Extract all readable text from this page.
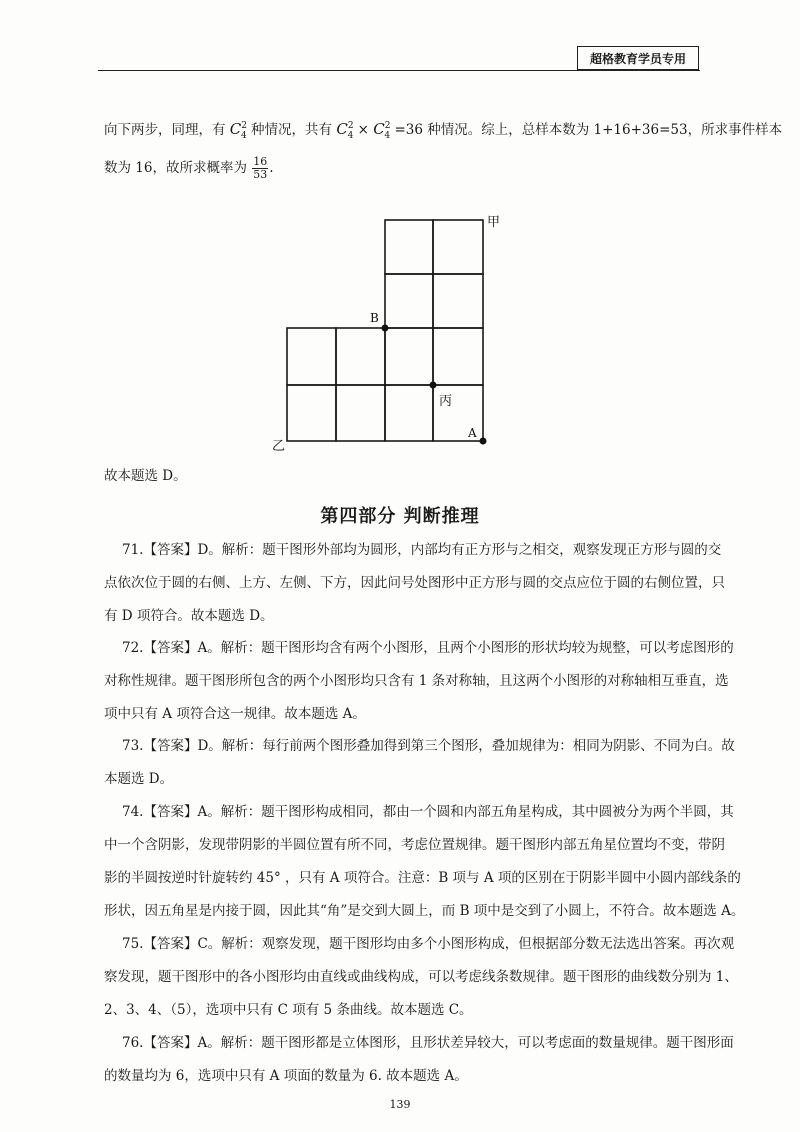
超格教育学员专用
向下两步，同理，有 $C^2_4$ 种情况，共有 $C^2_4 \times C^2_4 =36$ 种情况。综上，总样本数为 1+16+36=53，所求事件样本
数为 16，故所求概率为 $\frac{16}{53}$ .
甲
B
丙
A
乙
故本题选 D。
第四部分 判断推理
71.【答案】D。解析：题干图形外部均为圆形，内部均有正方形与之相交，观察发现正方形与圆的交
点依次位于圆的右侧、上方、左侧、下方，因此问号处图形中正方形与圆的交点应位于圆的右侧位置，只
有 D 项符合。故本题选 D。
72.【答案】A。解析：题干图形均含有两个小图形，且两个小图形的形状均较为规整，可以考虑图形的
对称性规律。题干图形所包含的两个小图形均只含有 1 条对称轴，且这两个小图形的对称轴相互垂直，选
项中只有 A 项符合这一规律。故本题选 A。
73.【答案】D。解析：每行前两个图形叠加得到第三个图形，叠加规律为：相同为阴影、不同为白。故
本题选 D。
74.【答案】A。解析：题干图形构成相同，都由一个圆和内部五角星构成，其中圆被分为两个半圆，其
中一个含阴影，发现带阴影的半圆位置有所不同，考虑位置规律。题干图形内部五角星位置均不变，带阴
影的半圆按逆时针旋转约 45° ，只有 A 项符合。注意：B 项与 A 项的区别在于阴影半圆中小圆内部线条的
形状，因五角星是内接于圆，因此其“角”是交到大圆上，而 B 项中是交到了小圆上，不符合。故本题选 A。
75.【答案】C。解析：观察发现，题干图形均由多个小图形构成，但根据部分数无法选出答案。再次观
察发现，题干图形中的各小图形均由直线或曲线构成，可以考虑线条数规律。题干图形的曲线数分别为 1、
2、3、4、（5），选项中只有 C 项有 5 条曲线。故本题选 C。
76.【答案】A。解析：题干图形都是立体图形，且形状差异较大，可以考虑面的数量规律。题干图形面
的数量均为 6，选项中只有 A 项面的数量为 6. 故本题选 A。
139
